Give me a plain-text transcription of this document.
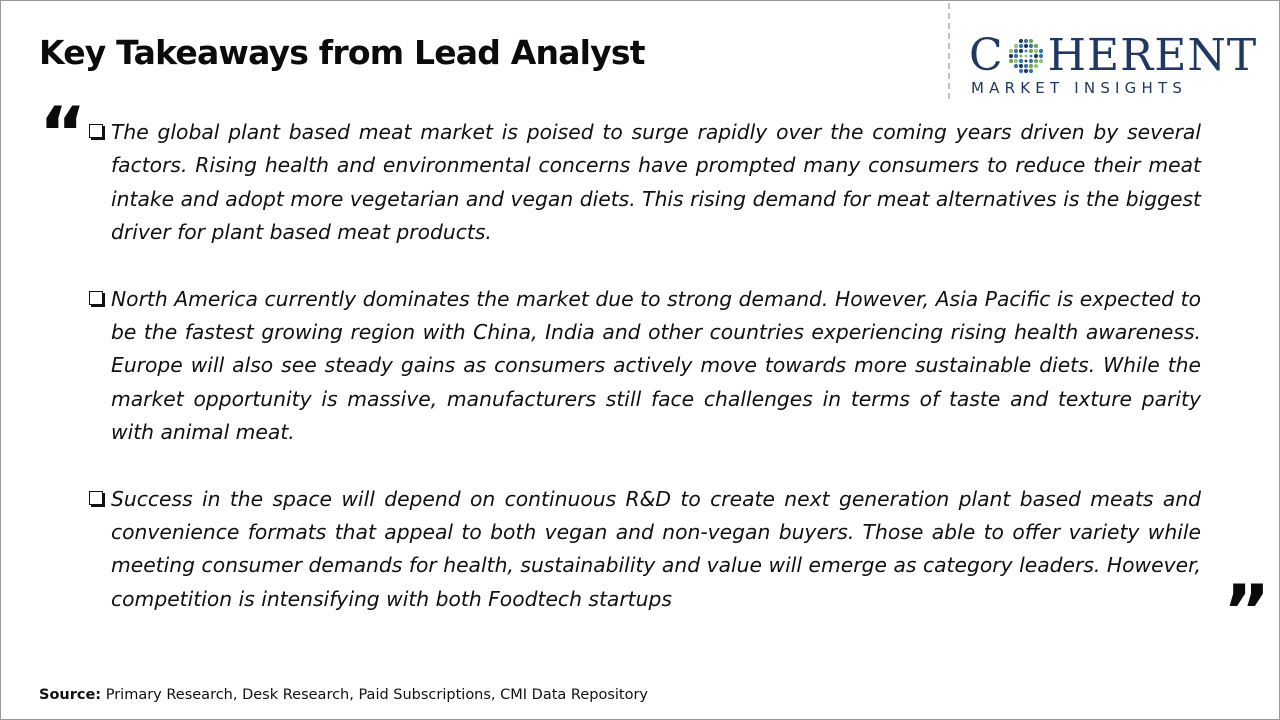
Key Takeaways from Lead Analyst	C HERENT
MARKET INSIGHTS
“ The global plant based meat market is poised to surge rapidly over the coming years driven by several factors. Rising health and environmental concerns have prompted many consumers to reduce their meat intake and adopt more vegetarian and vegan diets. This rising demand for meat alternatives is the biggest driver for plant based meat products.

North America currently dominates the market due to strong demand. However, Asia Pacific is expected to be the fastest growing region with China, India and other countries experiencing rising health awareness. Europe will also see steady gains as consumers actively move towards more sustainable diets. While the market opportunity is massive, manufacturers still face challenges in terms of taste and texture parity with animal meat.

Success in the space will depend on continuous R&D to create next generation plant based meats and convenience formats that appeal to both vegan and non-vegan buyers. Those able to offer variety while meeting consumer demands for health, sustainability and value will emerge as category leaders. However, competition is intensifying with both Foodtech startups	”
Source: Primary Research, Desk Research, Paid Subscriptions, CMI Data Repository
